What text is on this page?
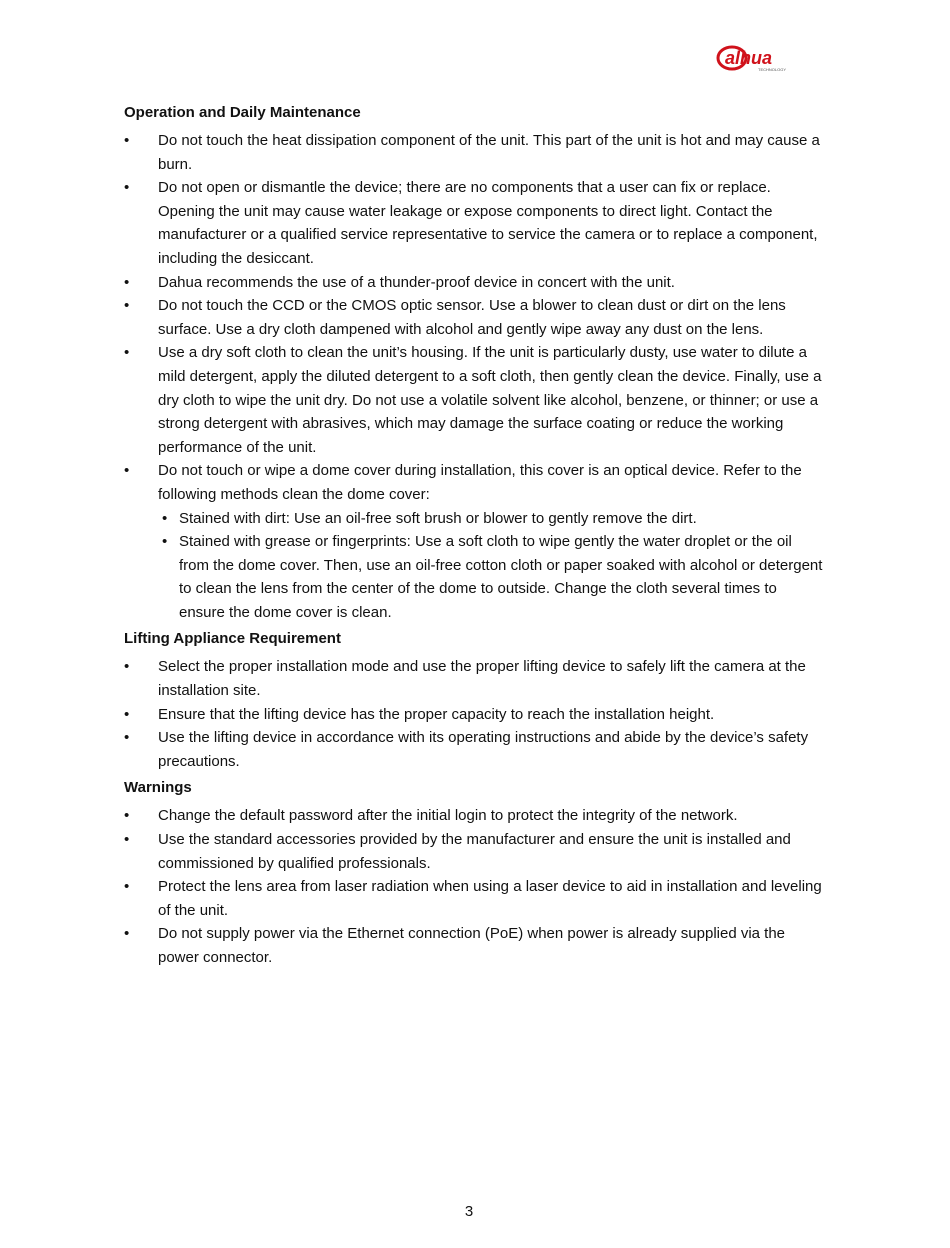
alhua
TECHNOLOGY
Operation and Daily Maintenance
• Do not touch the heat dissipation component of the unit. This part of the unit is hot and may cause a burn.
• Do not open or dismantle the device; there are no components that a user can fix or replace. Opening the unit may cause water leakage or expose components to direct light. Contact the manufacturer or a qualified service representative to service the camera or to replace a component, including the desiccant.
• Dahua recommends the use of a thunder-proof device in concert with the unit.
• Do not touch the CCD or the CMOS optic sensor. Use a blower to clean dust or dirt on the lens surface. Use a dry cloth dampened with alcohol and gently wipe away any dust on the lens.
• Use a dry soft cloth to clean the unit’s housing. If the unit is particularly dusty, use water to dilute a mild detergent, apply the diluted detergent to a soft cloth, then gently clean the device. Finally, use a dry cloth to wipe the unit dry. Do not use a volatile solvent like alcohol, benzene, or thinner; or use a strong detergent with abrasives, which may damage the surface coating or reduce the working performance of the unit.
• Do not touch or wipe a dome cover during installation, this cover is an optical device. Refer to the following methods clean the dome cover:
• Stained with dirt: Use an oil-free soft brush or blower to gently remove the dirt.
• Stained with grease or fingerprints: Use a soft cloth to wipe gently the water droplet or the oil from the dome cover. Then, use an oil-free cotton cloth or paper soaked with alcohol or detergent to clean the lens from the center of the dome to outside. Change the cloth several times to ensure the dome cover is clean.
Lifting Appliance Requirement
• Select the proper installation mode and use the proper lifting device to safely lift the camera at the installation site.
• Ensure that the lifting device has the proper capacity to reach the installation height.
• Use the lifting device in accordance with its operating instructions and abide by the device’s safety precautions.
Warnings
• Change the default password after the initial login to protect the integrity of the network.
• Use the standard accessories provided by the manufacturer and ensure the unit is installed and commissioned by qualified professionals.
• Protect the lens area from laser radiation when using a laser device to aid in installation and leveling of the unit.
• Do not supply power via the Ethernet connection (PoE) when power is already supplied via the power connector.
3
